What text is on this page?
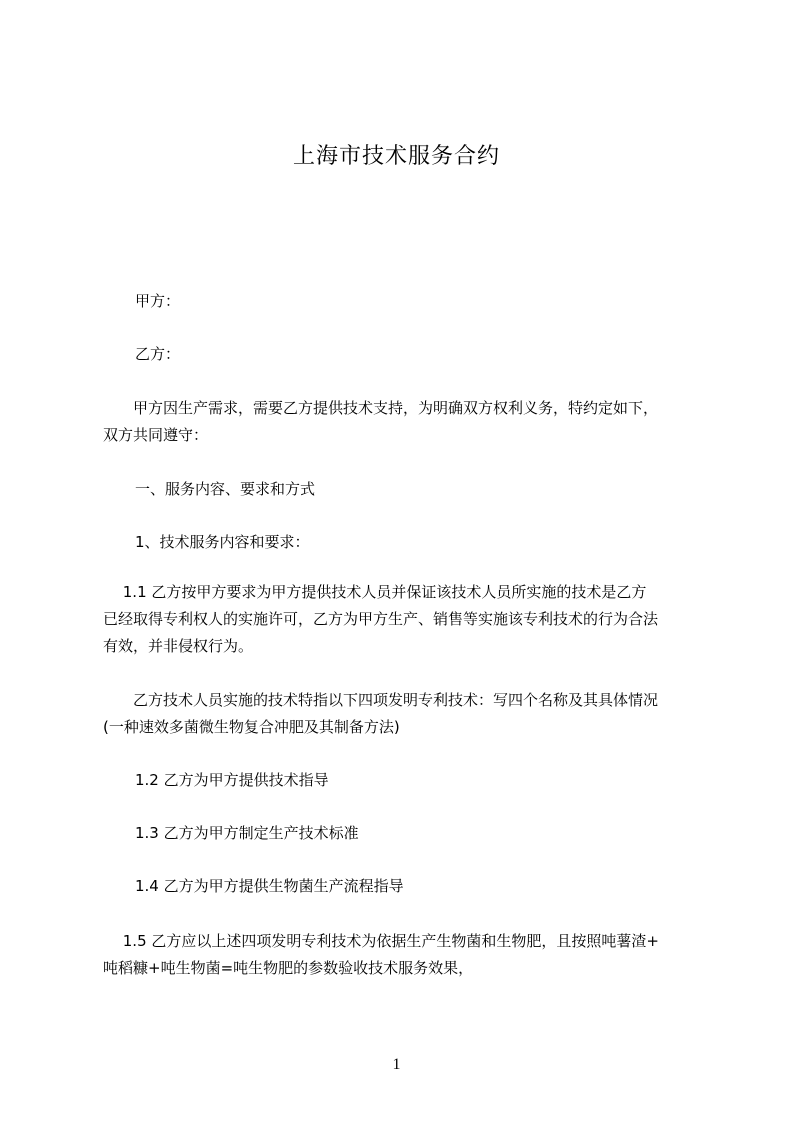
上海市技术服务合约
甲方：
乙方：
　　甲方因生产需求，需要乙方提供技术支持，为明确双方权利义务，特约定如下，
双方共同遵守：
一、服务内容、要求和方式
1、技术服务内容和要求：
　 1.1 乙方按甲方要求为甲方提供技术人员并保证该技术人员所实施的技术是乙方
已经取得专利权人的实施许可，乙方为甲方生产、销售等实施该专利技术的行为合法
有效，并非侵权行为。
　　乙方技术人员实施的技术特指以下四项发明专利技术：写四个名称及其具体情况
(一种速效多菌微生物复合冲肥及其制备方法)
1.2 乙方为甲方提供技术指导
1.3 乙方为甲方制定生产技术标准
1.4 乙方为甲方提供生物菌生产流程指导
　 1.5 乙方应以上述四项发明专利技术为依据生产生物菌和生物肥，且按照吨薯渣+
吨稻糠+吨生物菌=吨生物肥的参数验收技术服务效果，
1
